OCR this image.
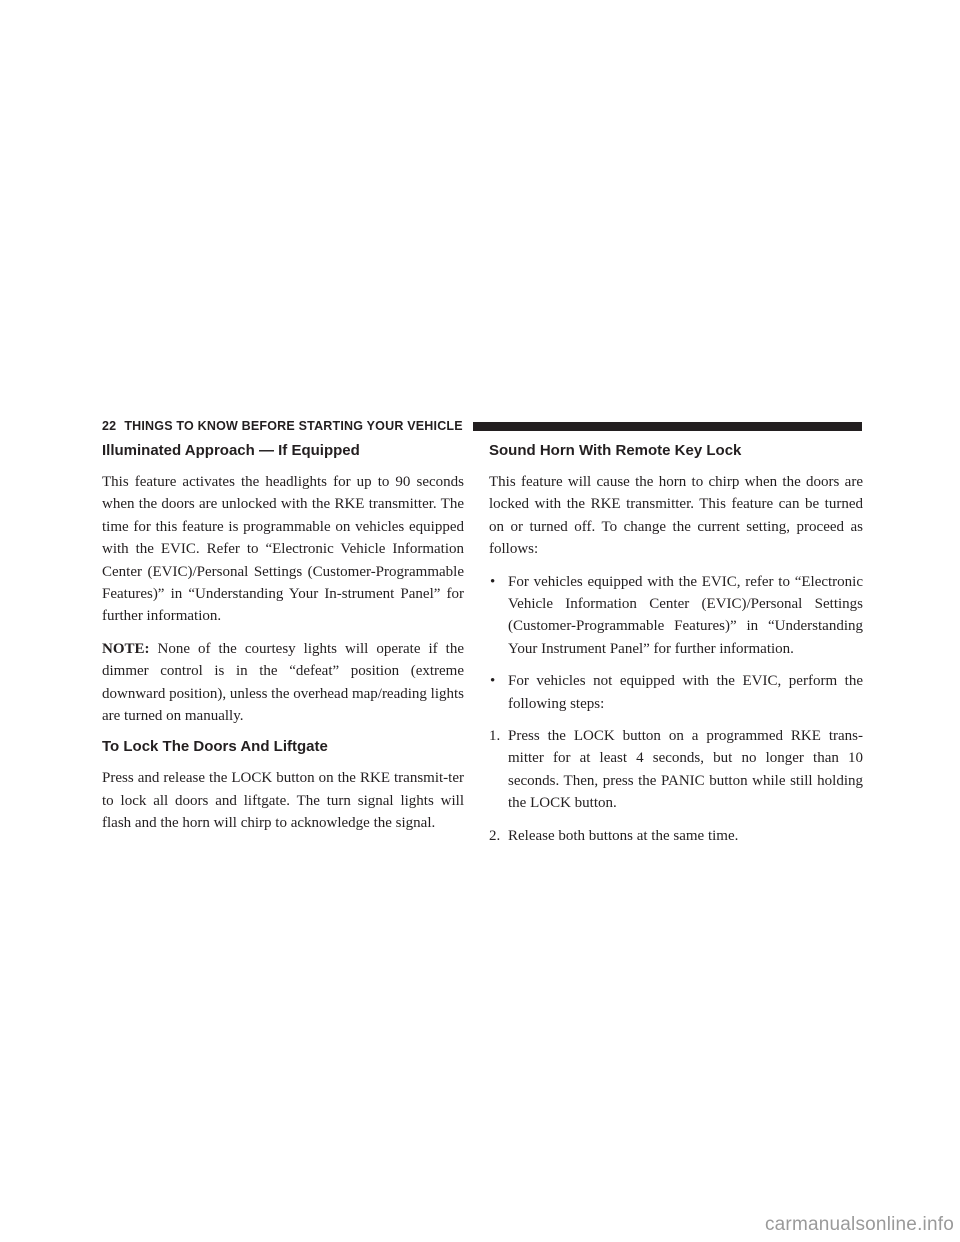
22 THINGS TO KNOW BEFORE STARTING YOUR VEHICLE
Illuminated Approach — If Equipped

This feature activates the headlights for up to 90 seconds when the doors are unlocked with the RKE transmitter. The time for this feature is programmable on vehicles equipped with the EVIC. Refer to “Electronic Vehicle Information Center (EVIC)/Personal Settings (Customer-Programmable Features)” in “Understanding Your In-strument Panel” for further information.

NOTE: None of the courtesy lights will operate if the dimmer control is in the “defeat” position (extreme downward position), unless the overhead map/reading lights are turned on manually.

To Lock The Doors And Liftgate

Press and release the LOCK button on the RKE transmit-ter to lock all doors and liftgate. The turn signal lights will flash and the horn will chirp to acknowledge the signal.

Sound Horn With Remote Key Lock

This feature will cause the horn to chirp when the doors are locked with the RKE transmitter. This feature can be turned on or turned off. To change the current setting, proceed as follows:

• For vehicles equipped with the EVIC, refer to “Electronic Vehicle Information Center (EVIC)/Personal Settings (Customer-Programmable Features)” in “Understanding Your Instrument Panel” for further information.
• For vehicles not equipped with the EVIC, perform the following steps:
1. Press the LOCK button on a programmed RKE trans-mitter for at least 4 seconds, but no longer than 10 seconds. Then, press the PANIC button while still holding the LOCK button.
2. Release both buttons at the same time.
carmanualsonline.info
